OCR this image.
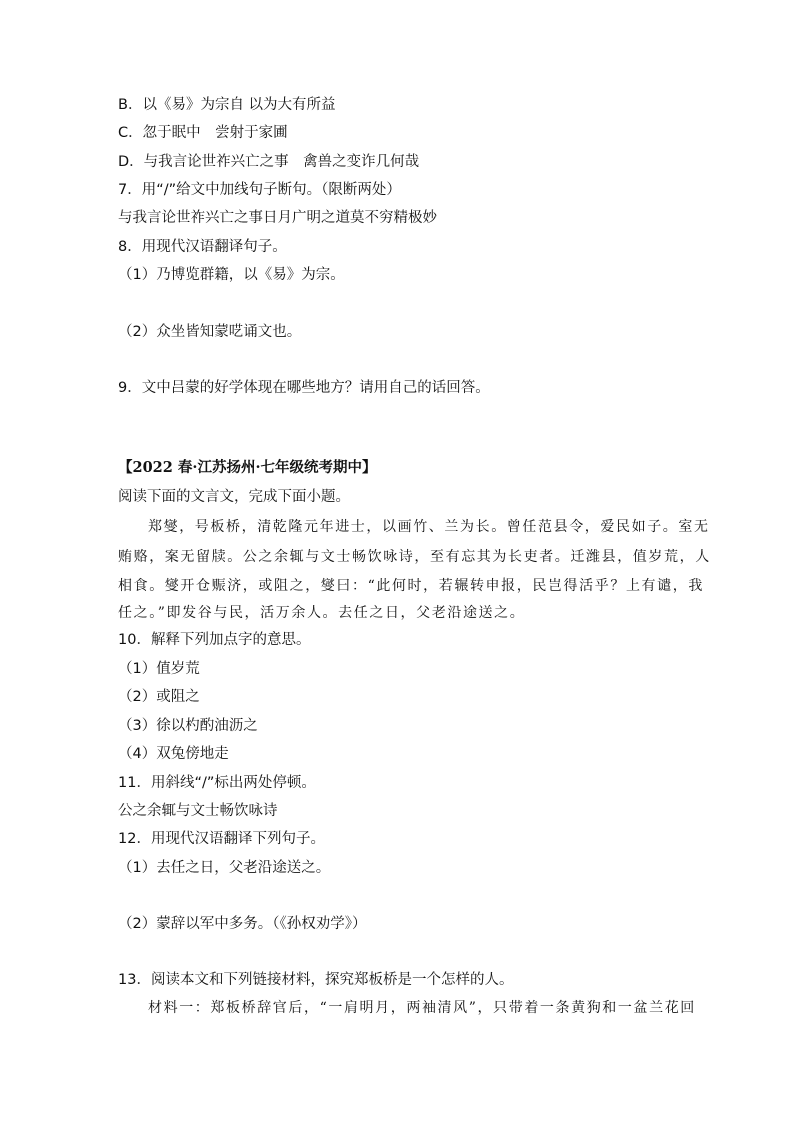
B．以《易》为宗自 以为大有所益
C．忽于眠中　尝射于家圃
D．与我言论世祚兴亡之事　禽兽之变诈几何哉
7．用“/”给文中加线句子断句。（限断两处）
与我言论世祚兴亡之事日月广明之道莫不穷精极妙
8．用现代汉语翻译句子。
（1）乃博览群籍，以《易》为宗。
（2）众坐皆知蒙呓诵文也。
9．文中吕蒙的好学体现在哪些地方？请用自己的话回答。
【2022 春·江苏扬州·七年级统考期中】
阅读下面的文言文，完成下面小题。
郑燮，号板桥，清乾隆元年进士，以画竹、兰为长。曾任范县令，爱民如子。室无
贿赂，案无留牍。公之余辄与文士畅饮咏诗，至有忘其为长吏者。迁潍县，值岁荒，人
相食。燮开仓赈济，或阻之，燮曰：“此何时，若辗转申报，民岂得活乎？上有谴，我
任之。”即发谷与民，活万余人。去任之日，父老沿途送之。
10．解释下列加点字的意思。
（1）值岁荒
（2）或阻之
（3）徐以杓酌油沥之
（4）双兔傍地走
11．用斜线“/”标出两处停顿。
公之余辄与文士畅饮咏诗
12．用现代汉语翻译下列句子。
（1）去任之日，父老沿途送之。
（2）蒙辞以军中多务。（《孙权劝学》）
13．阅读本文和下列链接材料，探究郑板桥是一个怎样的人。
材料一：郑板桥辞官后，“一肩明月，两袖清风”，只带着一条黄狗和一盆兰花回
